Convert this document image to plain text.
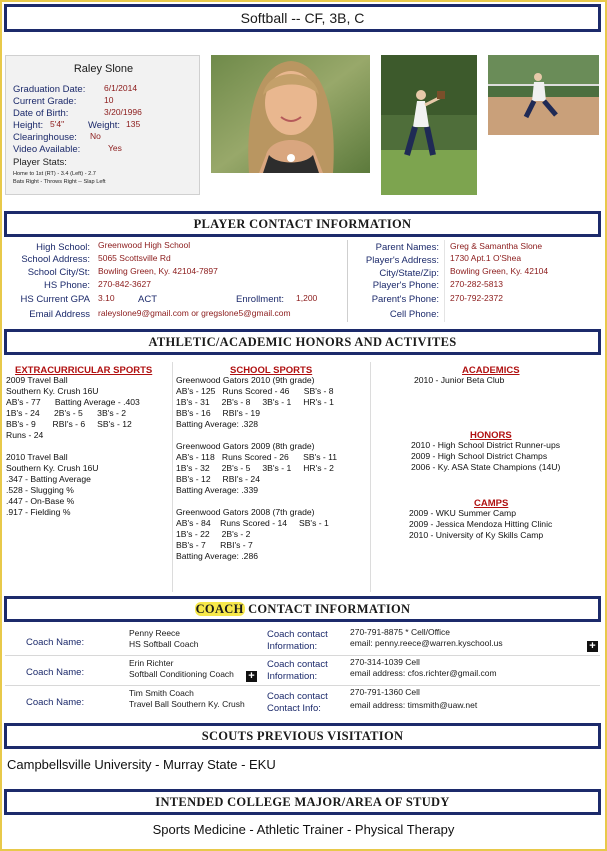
Softball -- CF, 3B, C
Raley Slone
Graduation Date: 6/1/2014
Current Grade:	10
Date of Birth:	3/20/1996
Height: 5'4"	Weight: 135
Clearinghouse: No
Video Available:	Yes
Player Stats:
Home to 1st (RT) - 3.4 (Left) - 2.7
Bats Right - Throws Right -- Slap Left
PLAYER CONTACT INFORMATION
High School: Greenwood High School
School Address: 5065 Scottsville Rd
School City/St: Bowling Green, Ky. 42104-7897
HS Phone: 270-842-3627
HS Current GPA 3.10 ACT	Enrollment: 1,200
Email Address raleyslone9@gmail.com or gregslone5@gmail.com
Parent Names: Greg & Samantha Slone
Player's Address: 1730 Apt.1 O'Shea
City/State/Zip: Bowling Green, Ky. 42104
Player's Phone: 270-282-5813
Parent's Phone: 270-792-2372
Cell Phone:
ATHLETIC/ACADEMIC HONORS AND ACTIVITES
EXTRACURRICULAR SPORTS
2009 Travel Ball
Southern Ky. Crush 16U
AB's - 77      Batting Average - .403
1B's - 24      2B's - 5      3B's - 2
BB's - 9       RBI's - 6     SB's - 12
Runs - 24

2010 Travel Ball
Southern Ky. Crush 16U
.347 - Batting Average
.528 - Slugging %
.447 - On-Base %
.917 - Fielding %
SCHOOL SPORTS
Greenwood Gators 2010 (9th grade)
AB's - 125   Runs Scored - 46      SB's - 8
1B's - 31     2B's - 8     3B's - 1     HR's - 1
BB's - 16     RBI's - 19
Batting Average: .328

Greenwood Gators 2009 (8th grade)
AB's - 118   Runs Scored - 26      SB's - 11
1B's - 32     2B's - 5     3B's - 1     HR's - 2
BB's - 12     RBI's - 24
Batting Average: .339

Greenwood Gators 2008 (7th grade)
AB's - 84    Runs Scored - 14     SB's - 1
1B's - 22     2B's - 2
BB's - 7      RBI's - 7
Batting Average: .286
ACADEMICS
2010 - Junior Beta Club
HONORS
2010 - High School District Runner-ups
2009 - High School District Champs
2006 - Ky. ASA State Champions (14U)
CAMPS
2009 - WKU Summer Camp
2009 - Jessica Mendoza Hitting Clinic
2010 - University of Ky Skills Camp
COACH CONTACT INFORMATION
Coach Name:
Penny Reece
HS Softball Coach
Coach contact
Information:
270-791-8875 * Cell/Office
email: penny.reece@warren.kyschool.us	+
Coach Name:
Erin Richter
Softball Conditioning Coach
Coach contact
Information:
270-314-1039 Cell
email address: cfos.richter@gmail.com
+
Coach Name:
Tim Smith Coach
Travel Ball Southern Ky. Crush
Coach contact
Contact Info:
270-791-1360 Cell
email address: timsmith@uaw.net
SCOUTS PREVIOUS VISITATION
Campbellsville University - Murray State - EKU
INTENDED COLLEGE MAJOR/AREA OF STUDY
Sports Medicine - Athletic Trainer - Physical Therapy
